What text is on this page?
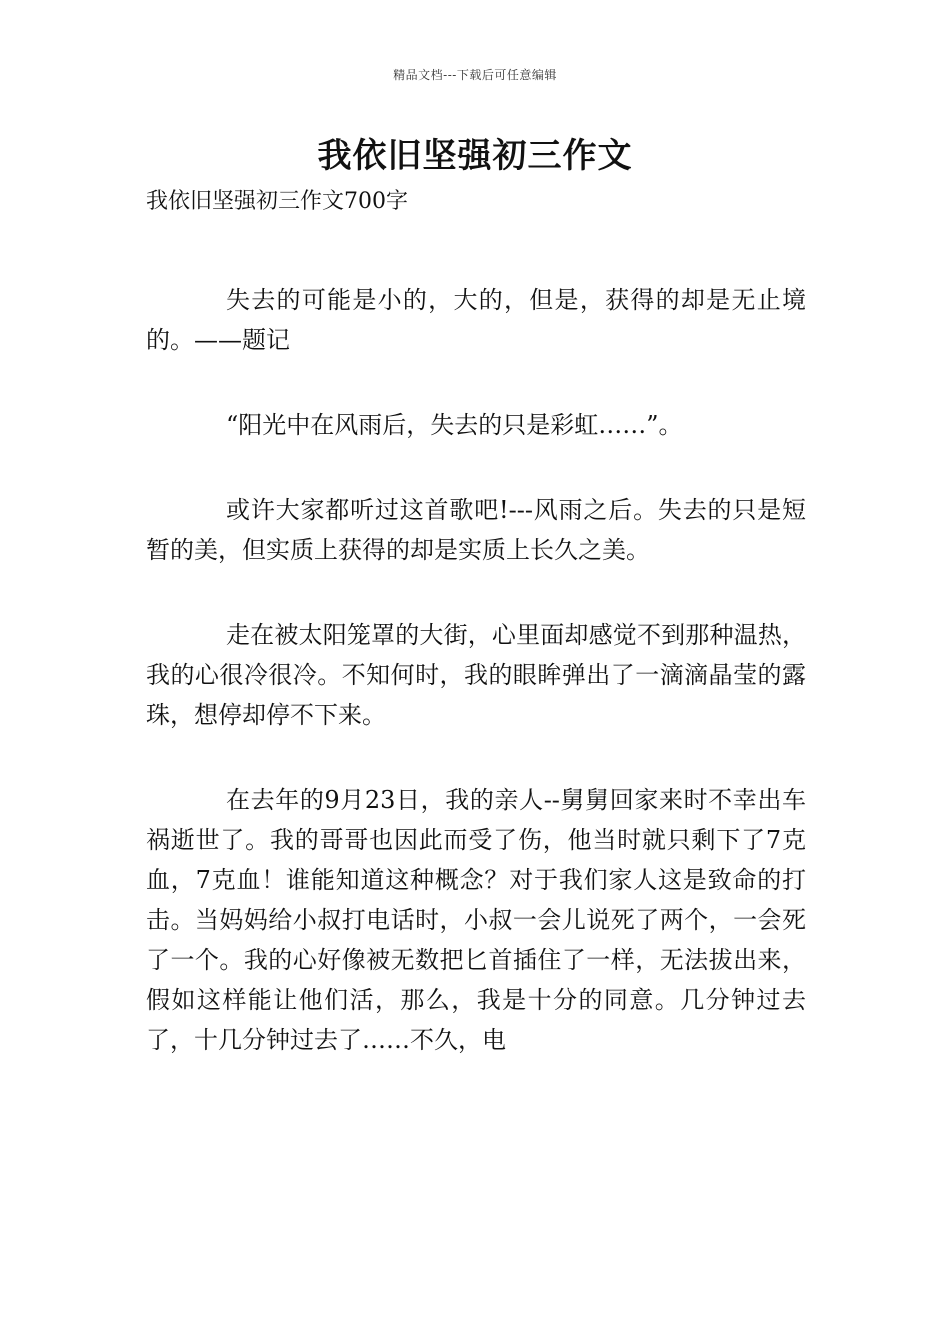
精品文档---下载后可任意编辑
我依旧坚强初三作文

我依旧坚强初三作文700字

失去的可能是小的，大的，但是，获得的却是无止境的。——题记

“阳光中在风雨后，失去的只是彩虹……”。

或许大家都听过这首歌吧!---风雨之后。失去的只是短暂的美，但实质上获得的却是实质上长久之美。

走在被太阳笼罩的大街，心里面却感觉不到那种温热，我的心很冷很冷。不知何时，我的眼眸弹出了一滴滴晶莹的露珠，想停却停不下来。

在去年的9月23日，我的亲人--舅舅回家来时不幸出车祸逝世了。我的哥哥也因此而受了伤，他当时就只剩下了7克血，7克血！谁能知道这种概念？对于我们家人这是致命的打击。当妈妈给小叔打电话时，小叔一会儿说死了两个，一会死了一个。我的心好像被无数把匕首插住了一样，无法拔出来，假如这样能让他们活，那么，我是十分的同意。几分钟过去了，十几分钟过去了……不久，电
